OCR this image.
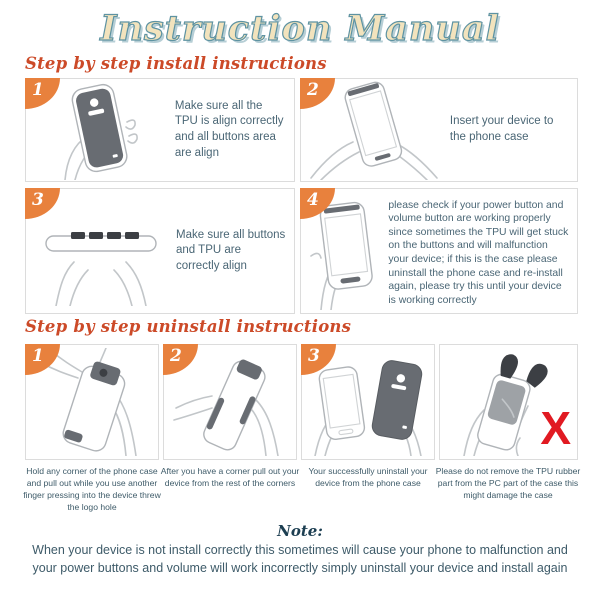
Instruction Manual
Step by step install instructions
1
Make sure all the TPU is align correctly and all buttons area are align
2
Insert your device to the phone case
3
Make sure all buttons and TPU are correctly align
4	please check if your power button and volume button are working properly since sometimes the TPU will get stuck on the buttons and will malfunction your device; if this is the case please uninstall the phone case and re-install again, please try this until your device is working correctly
Step by step uninstall instructions
1	2	3
X
Hold any corner of the phone case and pull out while you use another finger pressing into the device threw the logo hole
After you have a corner pull out your device from the rest of the corners
Your successfully uninstall your device from the phone case
Please do not remove the TPU rubber part from the PC part of the case this might damage the case
Note:
When your device is not install correctly this sometimes will cause your phone to malfunction and your power buttons and volume will work incorrectly simply uninstall your device and install again
